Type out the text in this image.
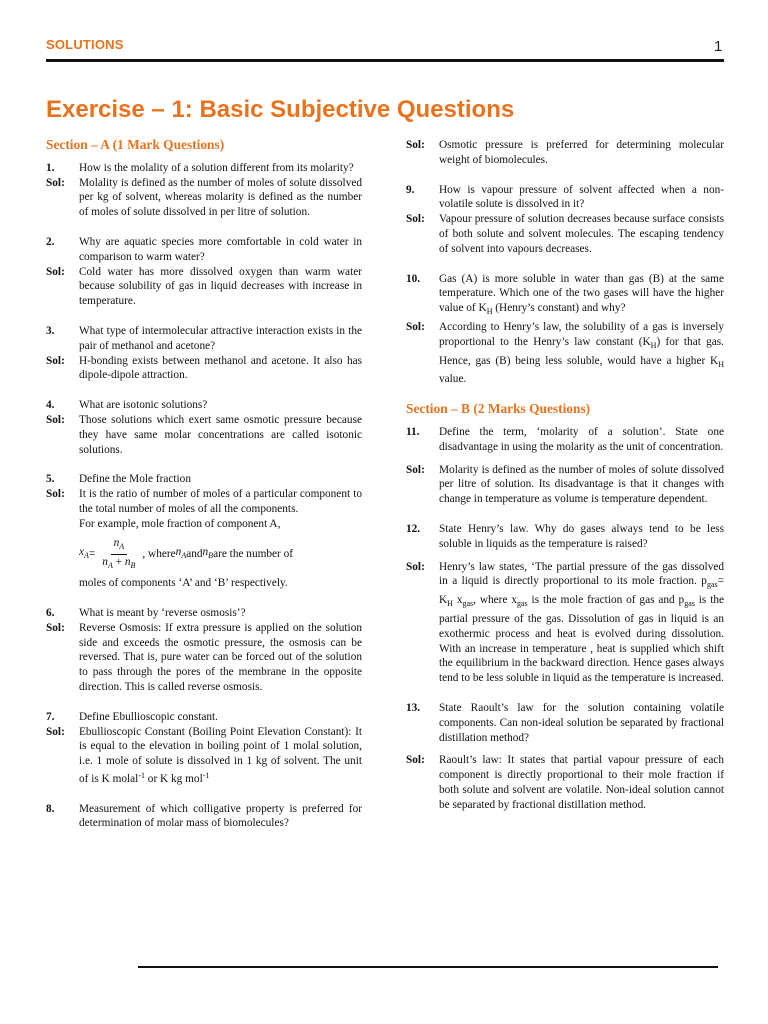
SOLUTIONS	1
Exercise – 1: Basic Subjective Questions
Section – A (1 Mark Questions)
1.	How is the molality of a solution different from its molarity?
Sol:	Molality is defined as the number of moles of solute dissolved per kg of solvent, whereas molarity is defined as the number of moles of solute dissolved in per litre of solution.
2.	Why are aquatic species more comfortable in cold water in comparison to warm water?
Sol:	Cold water has more dissolved oxygen than warm water because solubility of gas in liquid decreases with increase in temperature.
3.	What type of intermolecular attractive interaction exists in the pair of methanol and acetone?
Sol:	H-bonding exists between methanol and acetone. It also has dipole-dipole attraction.
4.	What are isotonic solutions?
Sol:	Those solutions which exert same osmotic pressure because they have same molar concentrations are called isotonic solutions.
5.	Define the Mole fraction
Sol:	It is the ratio of number of moles of a particular component to the total number of moles of all the components.
For example, mole fraction of component A,
$x_A = \frac{n_A}{n_A + n_B}$ , where $n_A$ and $n_B$ are the number of
moles of components ‘A’ and ‘B’ respectively.
6.	What is meant by ‘reverse osmosis’?
Sol:	Reverse Osmosis: If extra pressure is applied on the solution side and exceeds the osmotic pressure, the osmosis can be reversed. That is, pure water can be forced out of the solution to pass through the pores of the membrane in the opposite direction. This is called reverse osmosis.
7.	Define Ebullioscopic constant.
Sol:	Ebullioscopic Constant (Boiling Point Elevation Constant): It is equal to the elevation in boiling point of 1 molal solution, i.e. 1 mole of solute is dissolved in 1 kg of solvent. The unit of is K molal$^{-1}$ or K kg mol$^{-1}$
8.	Measurement of which colligative property is preferred for determination of molar mass of biomolecules?
Sol:	Osmotic pressure is preferred for determining molecular weight of biomolecules.
9.	How is vapour pressure of solvent affected when a non-volatile solute is dissolved in it?
Sol:	Vapour pressure of solution decreases because surface consists of both solute and solvent molecules. The escaping tendency of solvent into vapours decreases.
10.	Gas (A) is more soluble in water than gas (B) at the same temperature. Which one of the two gases will have the higher value of $K_H$ (Henry’s constant) and why?
Sol:	According to Henry’s law, the solubility of a gas is inversely proportional to the Henry’s law constant $(K_H)$ for that gas. Hence, gas (B) being less soluble, would have a higher $K_H$ value.
Section – B (2 Marks Questions)
11.	Define the term, ‘molarity of a solution’. State one disadvantage in using the molarity as the unit of concentration.
Sol:	Molarity is defined as the number of moles of solute dissolved per litre of solution. Its disadvantage is that it changes with change in temperature as volume is temperature dependent.
12.	State Henry’s law. Why do gases always tend to be less soluble in liquids as the temperature is raised?
Sol:	Henry’s law states, ‘The partial pressure of the gas dissolved in a liquid is directly proportional to its mole fraction. $p_{gas}= K_H$ $x_{gas}$, where $x_{gas}$ is the mole fraction of gas and $p_{gas}$ is the partial pressure of the gas. Dissolution of gas in liquid is an exothermic process and heat is evolved during dissolution. With an increase in temperature , heat is supplied which shift the equilibrium in the backward direction. Hence gases always tend to be less soluble in liquid as the temperature is increased.
13.	State Raoult’s law for the solution containing volatile components. Can non-ideal solution be separated by fractional distillation method?
Sol:	Raoult’s law: It states that partial vapour pressure of each component is directly proportional to their mole fraction if both solute and solvent are volatile. Non-ideal solution cannot be separated by fractional distillation method.
